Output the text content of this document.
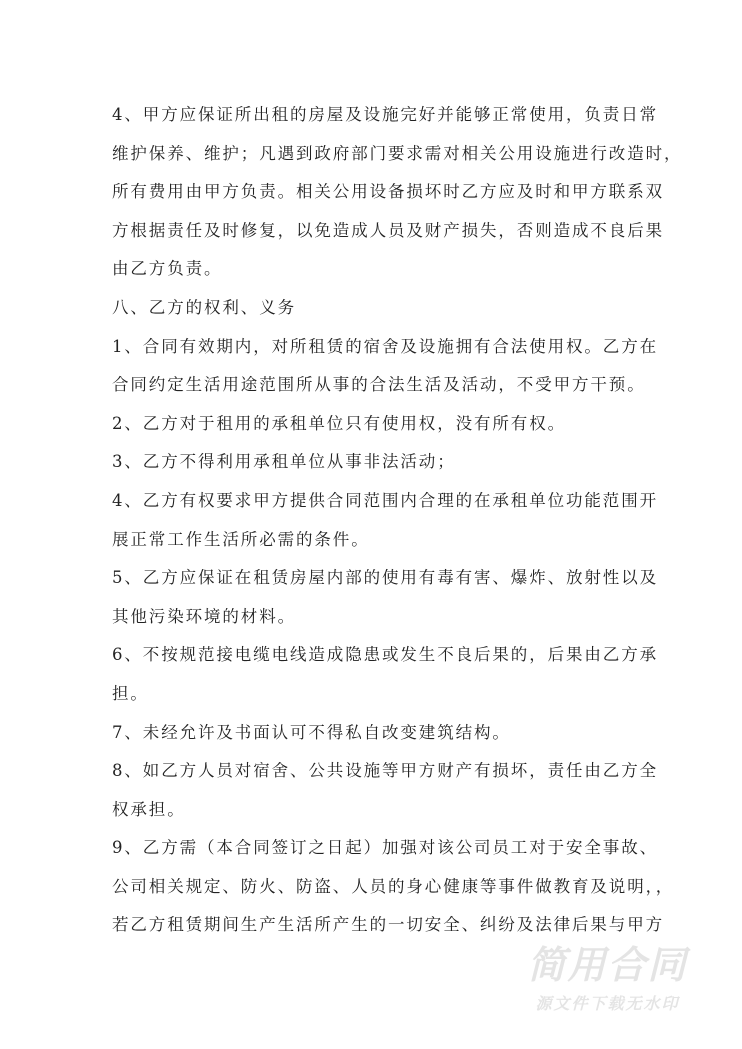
4、甲方应保证所出租的房屋及设施完好并能够正常使用，负责日常
维护保养、维护；凡遇到政府部门要求需对相关公用设施进行改造时，
所有费用由甲方负责。相关公用设备损坏时乙方应及时和甲方联系双
方根据责任及时修复，以免造成人员及财产损失，否则造成不良后果
由乙方负责。
八、乙方的权利、义务
1、合同有效期内，对所租赁的宿舍及设施拥有合法使用权。乙方在
合同约定生活用途范围所从事的合法生活及活动，不受甲方干预。
2、乙方对于租用的承租单位只有使用权，没有所有权。
3、乙方不得利用承租单位从事非法活动；
4、乙方有权要求甲方提供合同范围内合理的在承租单位功能范围开
展正常工作生活所必需的条件。
5、乙方应保证在租赁房屋内部的使用有毒有害、爆炸、放射性以及
其他污染环境的材料。
6、不按规范接电缆电线造成隐患或发生不良后果的，后果由乙方承
担。
7、未经允许及书面认可不得私自改变建筑结构。
8、如乙方人员对宿舍、公共设施等甲方财产有损坏，责任由乙方全
权承担。
9、乙方需（本合同签订之日起）加强对该公司员工对于安全事故、
公司相关规定、防火、防盗、人员的身心健康等事件做教育及说明，，
若乙方租赁期间生产生活所产生的一切安全、纠纷及法律后果与甲方
简用合同
源文件下载无水印
